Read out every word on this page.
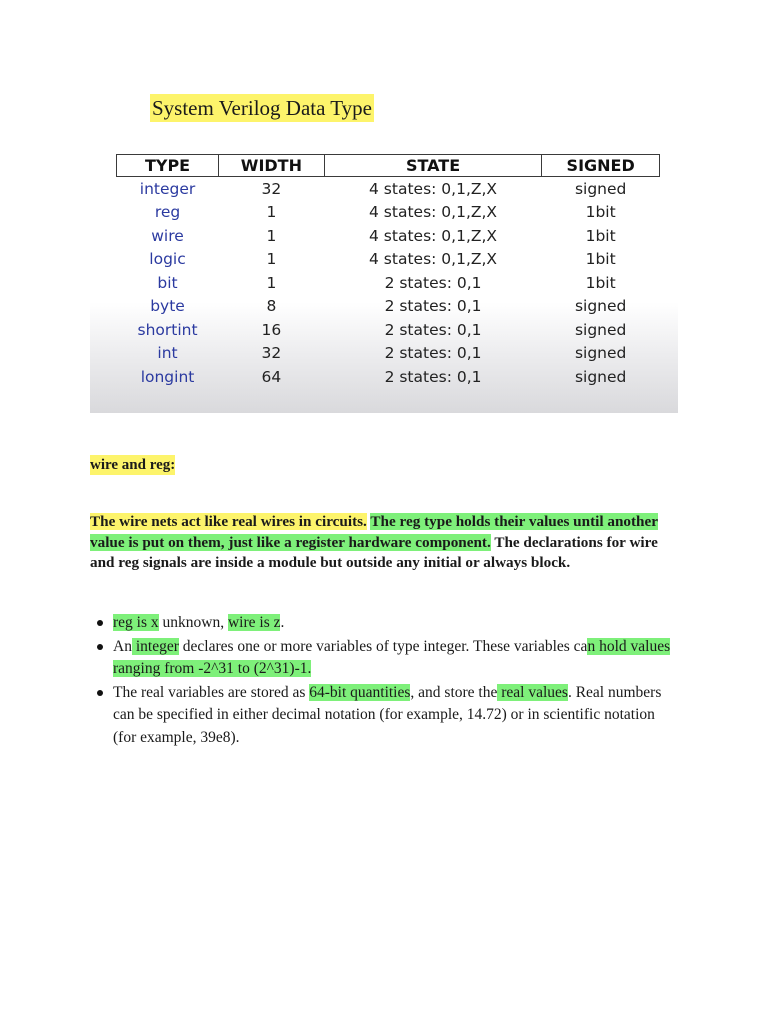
System Verilog Data Type
TYPE	WIDTH	STATE	SIGNED
integer	32	4 states: 0,1,Z,X	signed
reg	1	4 states: 0,1,Z,X	1bit
wire	1	4 states: 0,1,Z,X	1bit
logic	1	4 states: 0,1,Z,X	1bit
bit	1	2 states: 0,1	1bit
byte	8	2 states: 0,1	signed
shortint	16	2 states: 0,1	signed
int	32	2 states: 0,1	signed
longint	64	2 states: 0,1	signed
wire and reg:
The wire nets act like real wires in circuits. The reg type holds their values until another value is put on them, just like a register hardware component. The declarations for wire and reg signals are inside a module but outside any initial or always block.
reg is x unknown, wire is z.
An integer declares one or more variables of type integer. These variables can hold values ranging from -2^31 to (2^31)-1.
The real variables are stored as 64-bit quantities, and store the real values. Real numbers can be specified in either decimal notation (for example, 14.72) or in scientific notation (for example, 39e8).
